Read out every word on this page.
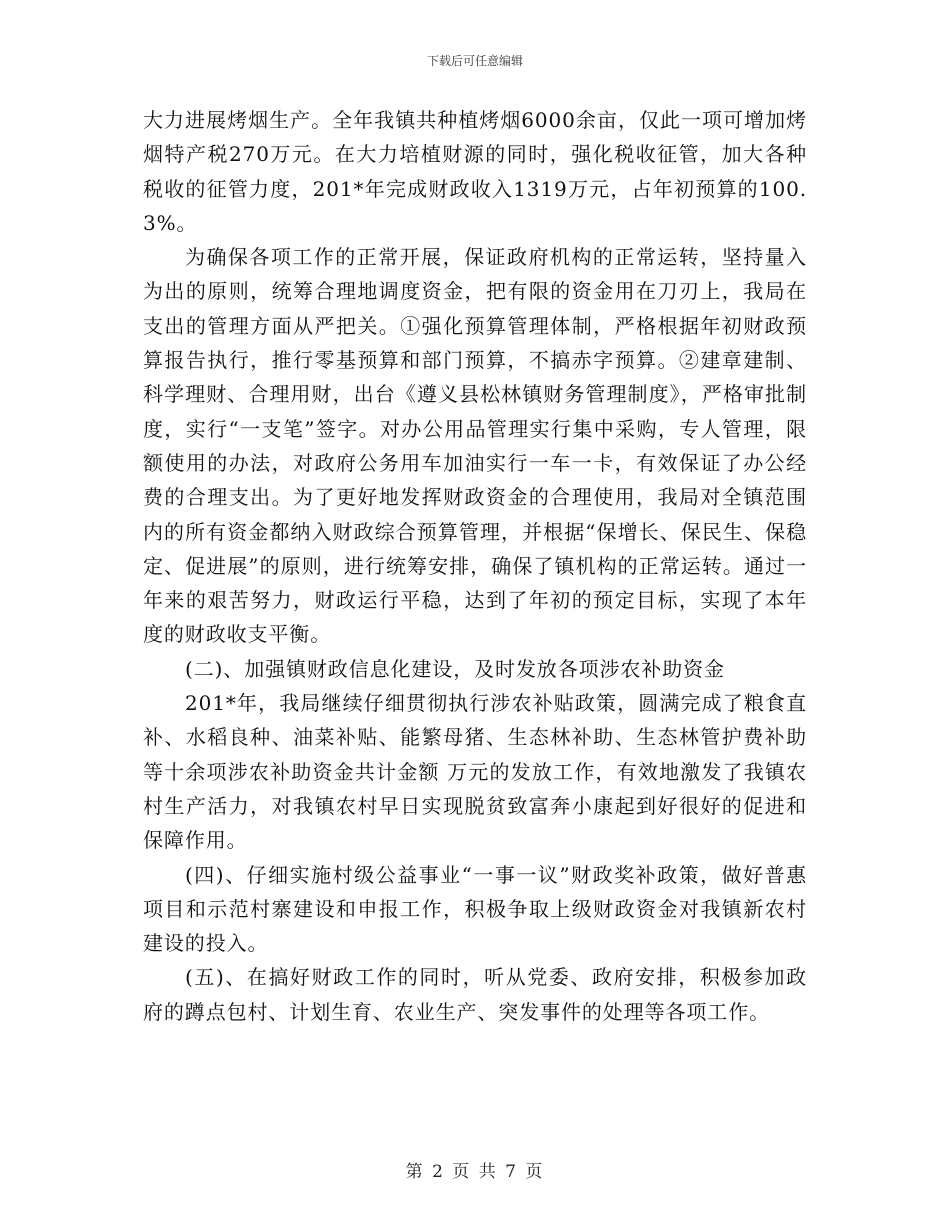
下载后可任意编辑

大力进展烤烟生产。全年我镇共种植烤烟6000余亩，仅此一项可增加烤烟特产税270万元。在大力培植财源的同时，强化税收征管，加大各种税收的征管力度，201*年完成财政收入1319万元，占年初预算的100.3%。

为确保各项工作的正常开展，保证政府机构的正常运转，坚持量入为出的原则，统筹合理地调度资金，把有限的资金用在刀刃上，我局在支出的管理方面从严把关。①强化预算管理体制，严格根据年初财政预算报告执行，推行零基预算和部门预算，不搞赤字预算。②建章建制、科学理财、合理用财，出台《遵义县松林镇财务管理制度》，严格审批制度，实行“一支笔”签字。对办公用品管理实行集中采购，专人管理，限额使用的办法，对政府公务用车加油实行一车一卡，有效保证了办公经费的合理支出。为了更好地发挥财政资金的合理使用，我局对全镇范围内的所有资金都纳入财政综合预算管理，并根据“保增长、保民生、保稳定、促进展”的原则，进行统筹安排，确保了镇机构的正常运转。通过一年来的艰苦努力，财政运行平稳，达到了年初的预定目标，实现了本年度的财政收支平衡。

(二)、加强镇财政信息化建设，及时发放各项涉农补助资金

201*年，我局继续仔细贯彻执行涉农补贴政策，圆满完成了粮食直补、水稻良种、油菜补贴、能繁母猪、生态林补助、生态林管护费补助等十余项涉农补助资金共计金额 万元的发放工作，有效地激发了我镇农村生产活力，对我镇农村早日实现脱贫致富奔小康起到好很好的促进和保障作用。

(四)、仔细实施村级公益事业“一事一议”财政奖补政策，做好普惠项目和示范村寨建设和申报工作，积极争取上级财政资金对我镇新农村建设的投入。

(五)、在搞好财政工作的同时，听从党委、政府安排，积极参加政府的蹲点包村、计划生育、农业生产、突发事件的处理等各项工作。

第 2 页 共 7 页
